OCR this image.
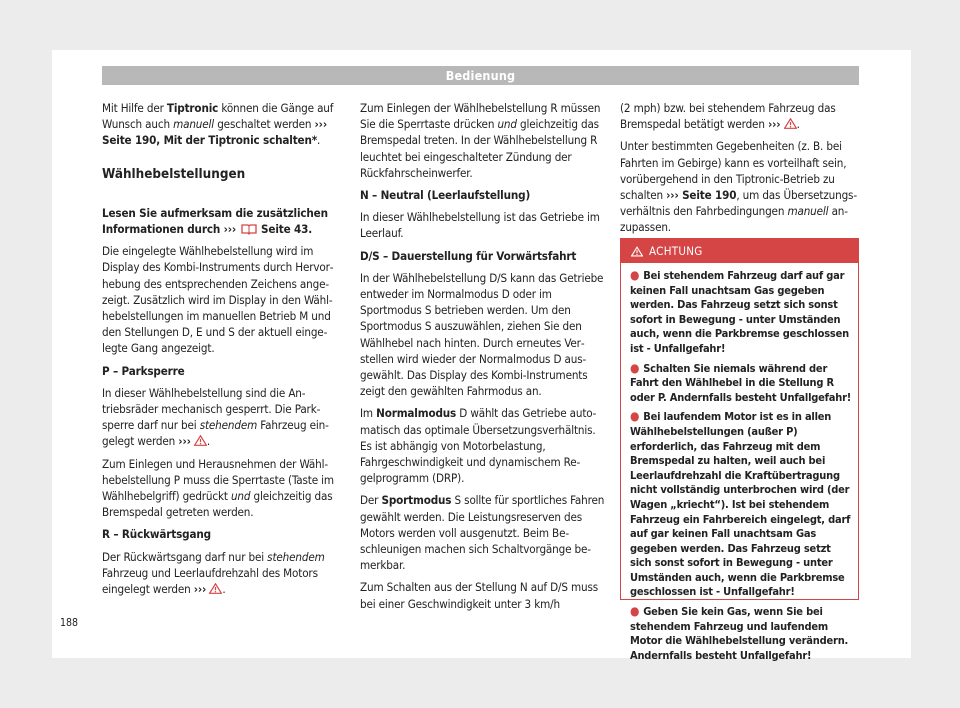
Bedienung

Mit Hilfe der Tiptronic können die Gänge auf Wunsch auch manuell geschaltet werden ››› Seite 190, Mit der Tiptronic schalten*.

Wählhebelstellungen

Lesen Sie aufmerksam die zusätzlichen Informationen durch ›››  Seite 43.

Die eingelegte Wählhebelstellung wird im Display des Kombi-Instruments durch Hervorhebung des entsprechenden Zeichens angezeigt. Zusätzlich wird im Display in den Wählhebelstellungen im manuellen Betrieb M und den Stellungen D, E und S der aktuell eingelegte Gang angezeigt.

P – Parksperre

In dieser Wählhebelstellung sind die Antriebsräder mechanisch gesperrt. Die Parksperre darf nur bei stehendem Fahrzeug eingelegt werden ››› .

Zum Einlegen und Herausnehmen der Wählhebelstellung P muss die Sperrtaste (Taste im Wählhebelgriff) gedrückt und gleichzeitig das Bremspedal getreten werden.

R – Rückwärtsgang

Der Rückwärtsgang darf nur bei stehendem Fahrzeug und Leerlaufdrehzahl des Motors eingelegt werden ››› .

Zum Einlegen der Wählhebelstellung R müssen Sie die Sperrtaste drücken und gleichzeitig das Bremspedal treten. In der Wählhebelstellung R leuchtet bei eingeschalteter Zündung der Rückfahrscheinwerfer.

N – Neutral (Leerlaufstellung)

In dieser Wählhebelstellung ist das Getriebe im Leerlauf.

D/S – Dauerstellung für Vorwärtsfahrt

In der Wählhebelstellung D/S kann das Getriebe entweder im Normalmodus D oder im Sportmodus S betrieben werden. Um den Sportmodus S auszuwählen, ziehen Sie den Wählhebel nach hinten. Durch erneutes Verstellen wird wieder der Normalmodus D ausgewählt. Das Display des Kombi-Instruments zeigt den gewählten Fahrmodus an.

Im Normalmodus D wählt das Getriebe automatisch das optimale Übersetzungsverhältnis. Es ist abhängig von Motorbelastung, Fahrgeschwindigkeit und dynamischem Regelprogramm (DRP).

Der Sportmodus S sollte für sportliches Fahren gewählt werden. Die Leistungsreserven des Motors werden voll ausgenutzt. Beim Beschleunigen machen sich Schaltvorgänge bemerkbar.

Zum Schalten aus der Stellung N auf D/S muss bei einer Geschwindigkeit unter 3 km/h

(2 mph) bzw. bei stehendem Fahrzeug das Bremspedal betätigt werden ››› .

Unter bestimmten Gegebenheiten (z. B. bei Fahrten im Gebirge) kann es vorteilhaft sein, vorübergehend in den Tiptronic-Betrieb zu schalten ››› Seite 190, um das Übersetzungsverhältnis den Fahrbedingungen manuell anzupassen.

ACHTUNG
● Bei stehendem Fahrzeug darf auf gar keinen Fall unachtsam Gas gegeben werden. Das Fahrzeug setzt sich sonst sofort in Bewegung - unter Umständen auch, wenn die Parkbremse geschlossen ist - Unfallgefahr!
● Schalten Sie niemals während der Fahrt den Wählhebel in die Stellung R oder P. Andernfalls besteht Unfallgefahr!
● Bei laufendem Motor ist es in allen Wählhebelstellungen (außer P) erforderlich, das Fahrzeug mit dem Bremspedal zu halten, weil auch bei Leerlaufdrehzahl die Kraftübertragung nicht vollständig unterbrochen wird (der Wagen „kriecht“). Ist bei stehendem Fahrzeug ein Fahrbereich eingelegt, darf auf gar keinen Fall unachtsam Gas gegeben werden. Das Fahrzeug setzt sich sonst sofort in Bewegung - unter Umständen auch, wenn die Parkbremse geschlossen ist - Unfallgefahr!
● Geben Sie kein Gas, wenn Sie bei stehendem Fahrzeug und laufendem Motor die Wählhebelstellung verändern. Andernfalls besteht Unfallgefahr!
188
